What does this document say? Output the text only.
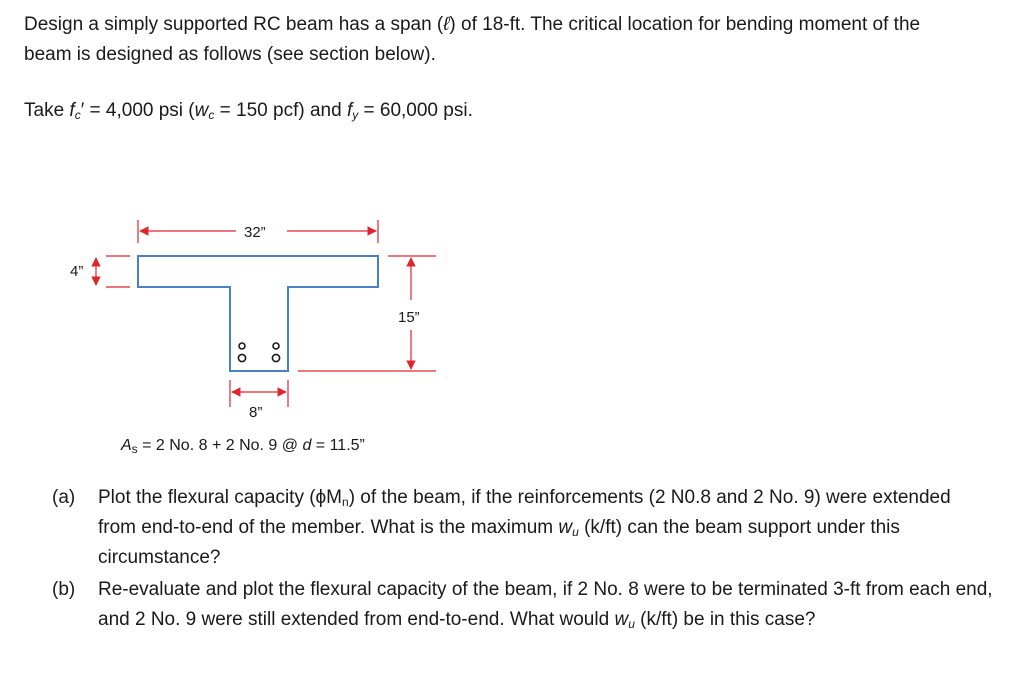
Design a simply supported RC beam has a span (ℓ) of 18-ft. The critical location for bending moment of the
beam is designed as follows (see section below).
Take $f_c' = 4,000$ psi ($w_c = 150$ pcf) and $f_y = 60,000$ psi.
32”
4”
15”
8”
$A_s = 2$ No. 8 + 2 No. 9 @ d = 11.5”
(a) Plot the flexural capacity $(\phi M_n)$ of the beam, if the reinforcements (2 N0.8 and 2 No. 9) were extended from end-to-end of the member. What is the maximum $w_u$ (k/ft) can the beam support under this circumstance?
(b) Re-evaluate and plot the flexural capacity of the beam, if 2 No. 8 were to be terminated 3-ft from each end, and 2 No. 9 were still extended from end-to-end. What would $w_u$ (k/ft) be in this case?
